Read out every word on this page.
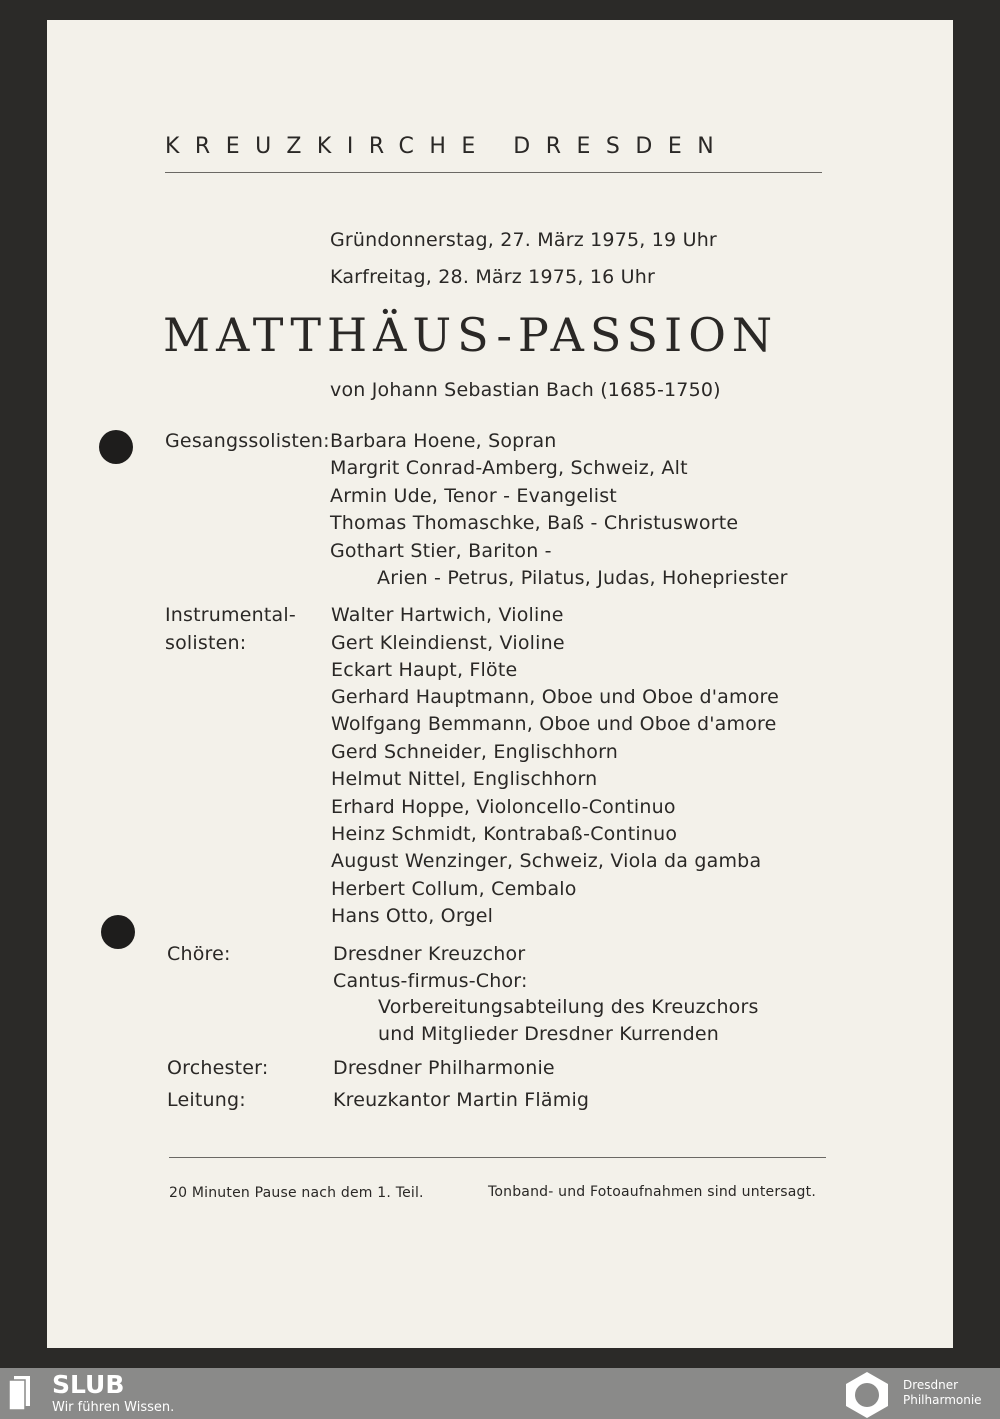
KREUZKIRCHE DRESDEN
Gründonnerstag, 27. März 1975, 19 Uhr
Karfreitag, 28. März 1975, 16 Uhr
MATTHÄUS-PASSION
von Johann Sebastian Bach (1685-1750)
Gesangssolisten: Barbara Hoene, Sopran
Margrit Conrad-Amberg, Schweiz, Alt
Armin Ude, Tenor - Evangelist
Thomas Thomaschke, Baß - Christusworte
Gothart Stier, Bariton -
Arien - Petrus, Pilatus, Judas, Hohepriester
Instrumental-
solisten:
Walter Hartwich, Violine
Gert Kleindienst, Violine
Eckart Haupt, Flöte
Gerhard Hauptmann, Oboe und Oboe d'amore
Wolfgang Bemmann, Oboe und Oboe d'amore
Gerd Schneider, Englischhorn
Helmut Nittel, Englischhorn
Erhard Hoppe, Violoncello-Continuo
Heinz Schmidt, Kontrabaß-Continuo
August Wenzinger, Schweiz, Viola da gamba
Herbert Collum, Cembalo
Hans Otto, Orgel
Chöre:	Dresdner Kreuzchor
Cantus-firmus-Chor:
Vorbereitungsabteilung des Kreuzchors
und Mitglieder Dresdner Kurrenden
Orchester:	Dresdner Philharmonie
Leitung:	Kreuzkantor Martin Flämig
20 Minuten Pause nach dem 1. Teil.	Tonband- und Fotoaufnahmen sind untersagt.
SLUB
Wir führen Wissen.
Dresdner
Philharmonie
